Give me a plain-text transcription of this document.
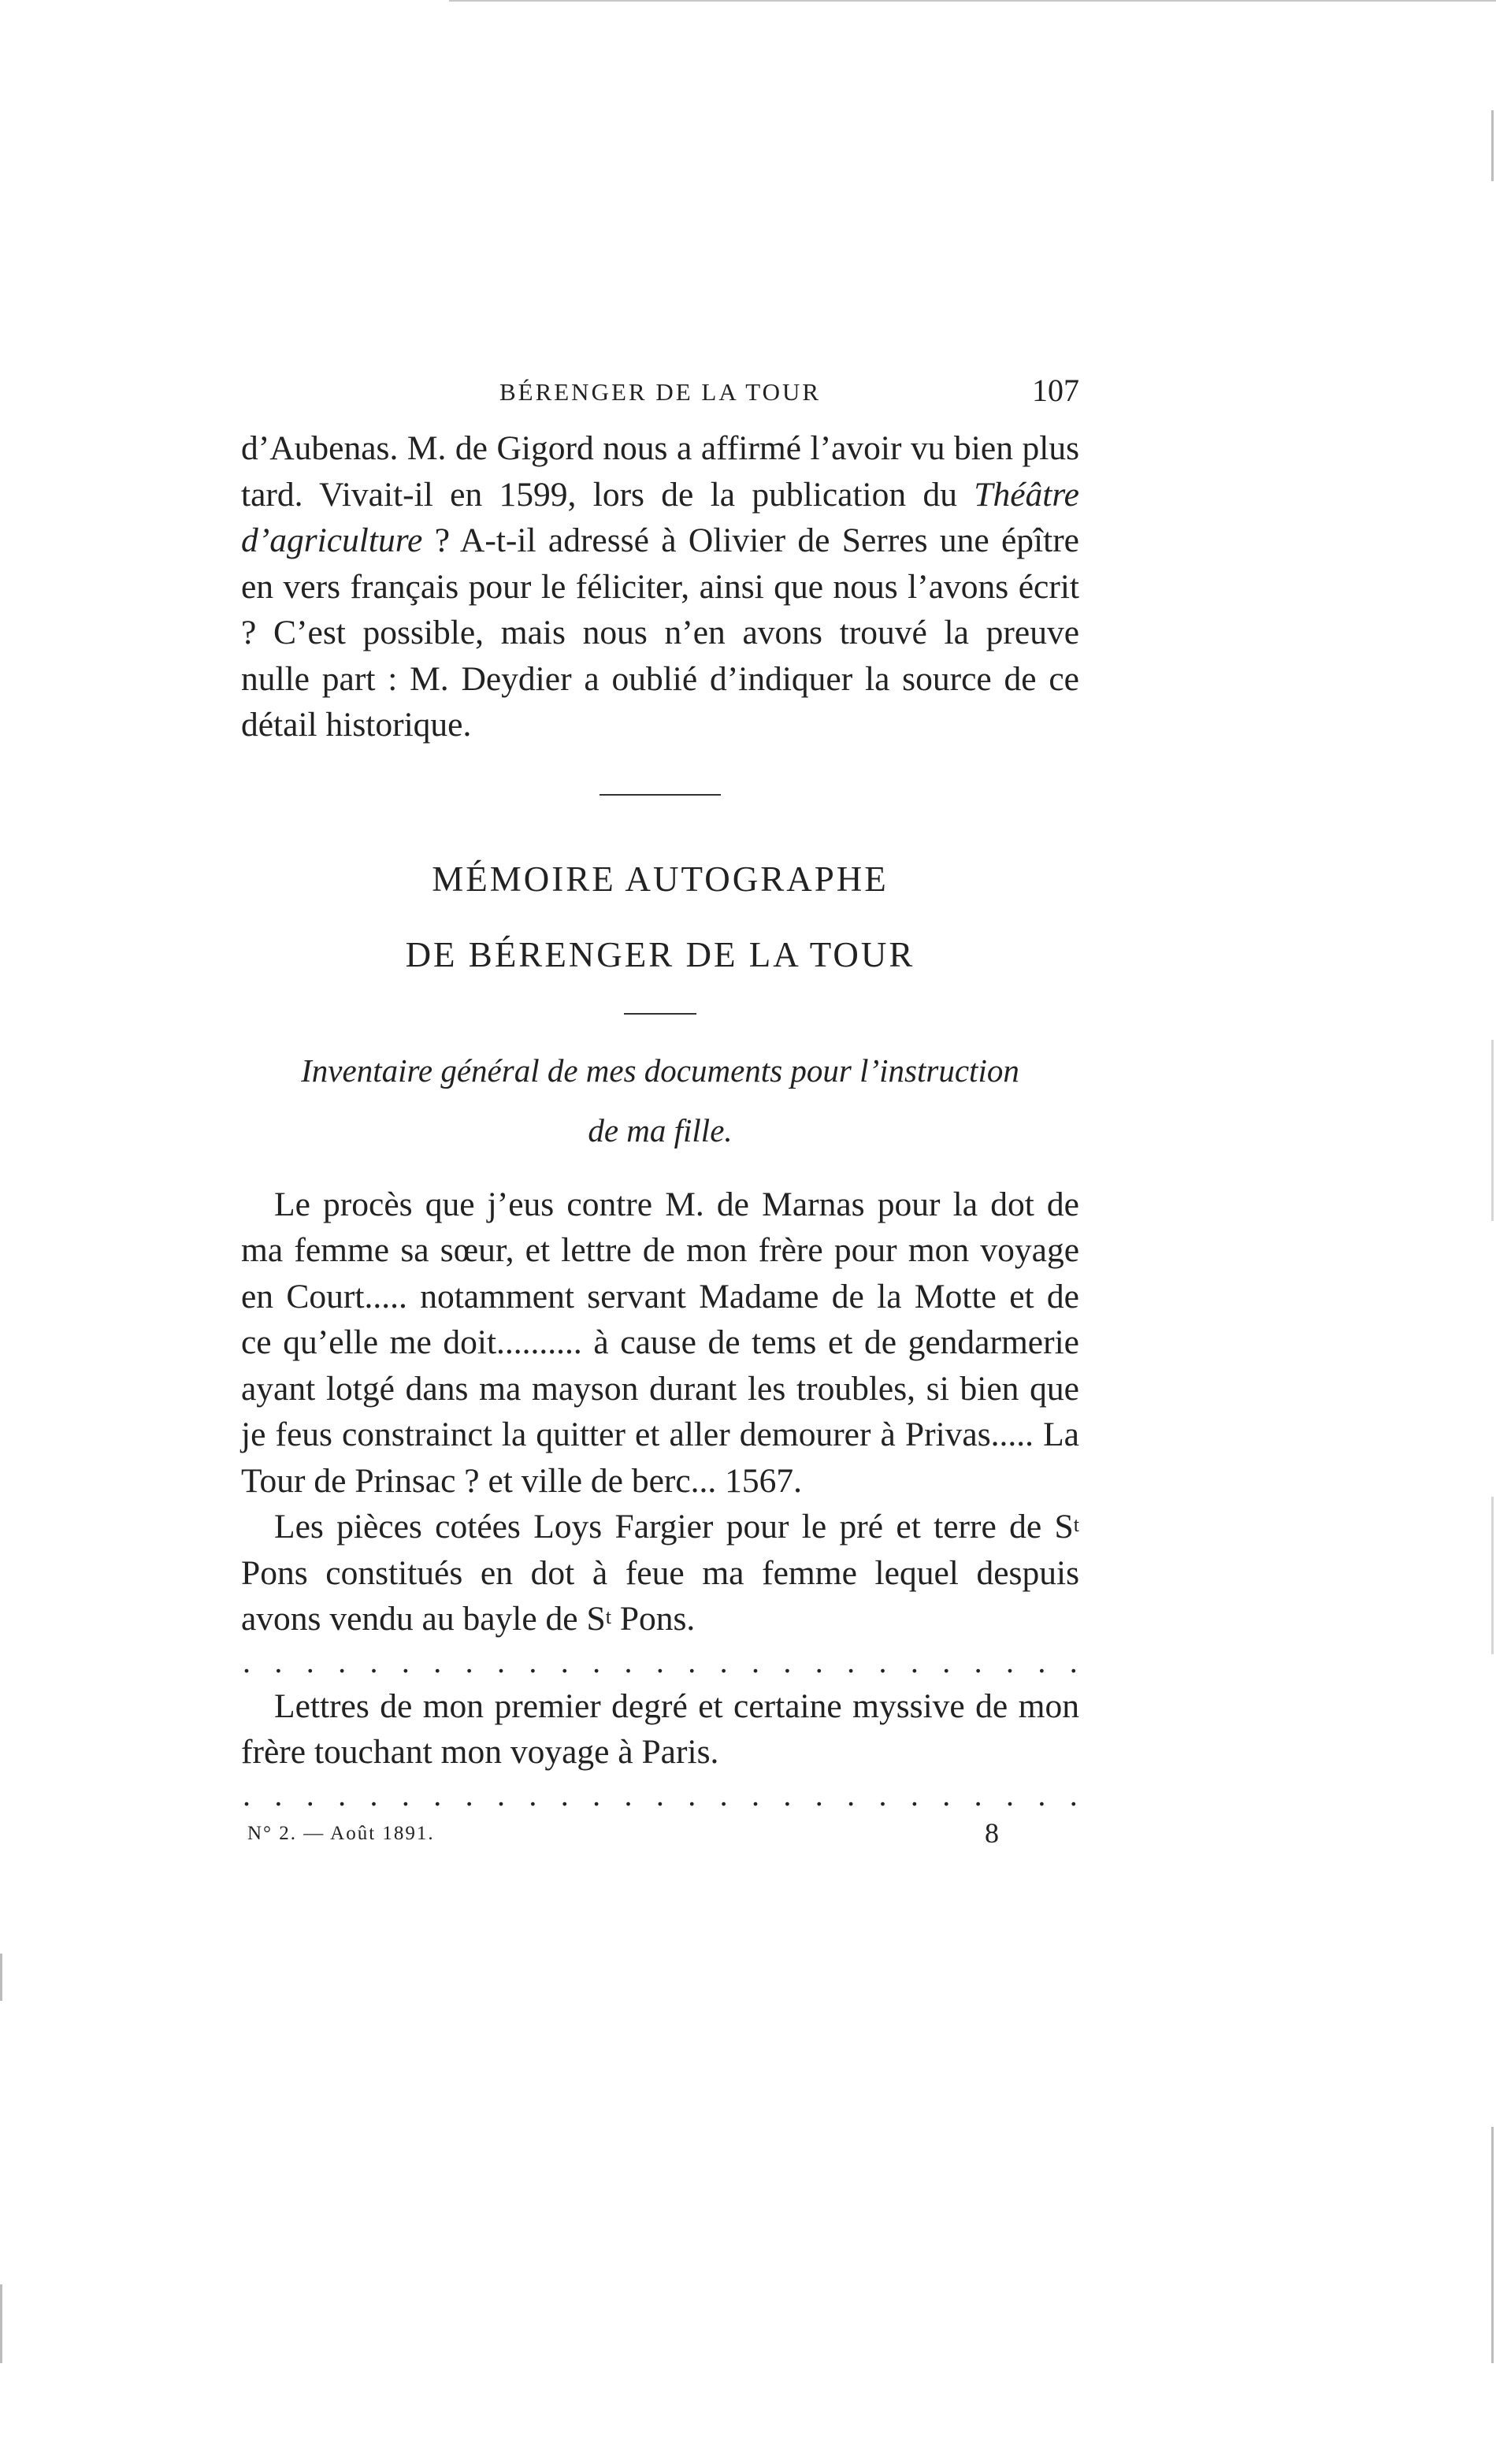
BÉRENGER DE LA TOUR	107

d’Aubenas. M. de Gigord nous a affirmé l’avoir vu bien plus tard. Vivait-il en 1599, lors de la publication du Théâtre d’agriculture ? A-t-il adressé à Olivier de Serres une épître en vers français pour le féliciter, ainsi que nous l’avons écrit ? C’est possible, mais nous n’en avons trouvé la preuve nulle part : M. Deydier a oublié d’indiquer la source de ce détail historique.

MÉMOIRE AUTOGRAPHE

DE BÉRENGER DE LA TOUR

Inventaire général de mes documents pour l’instruction

de ma fille.

Le procès que j’eus contre M. de Marnas pour la dot de ma femme sa sœur, et lettre de mon frère pour mon voyage en Court..... notamment servant Madame de la Motte et de ce qu’elle me doit.......... à cause de tems et de gendarmerie ayant lotgé dans ma mayson durant les troubles, si bien que je feus constrainct la quitter et aller demourer à Privas..... La Tour de Prinsac ? et ville de berc... 1567.

Les pièces cotées Loys Fargier pour le pré et terre de $S^t$ Pons constitués en dot à feue ma femme lequel despuis avons vendu au bayle de $S^t$ Pons.

. . . . . . . . . . . . . . . . . . . . . . . . . . .

Lettres de mon premier degré et certaine myssive de mon frère touchant mon voyage à Paris.

. . . . . . . . . . . . . . . . . . . . . . . . . . .
N° 2. — Août 1891.	8
